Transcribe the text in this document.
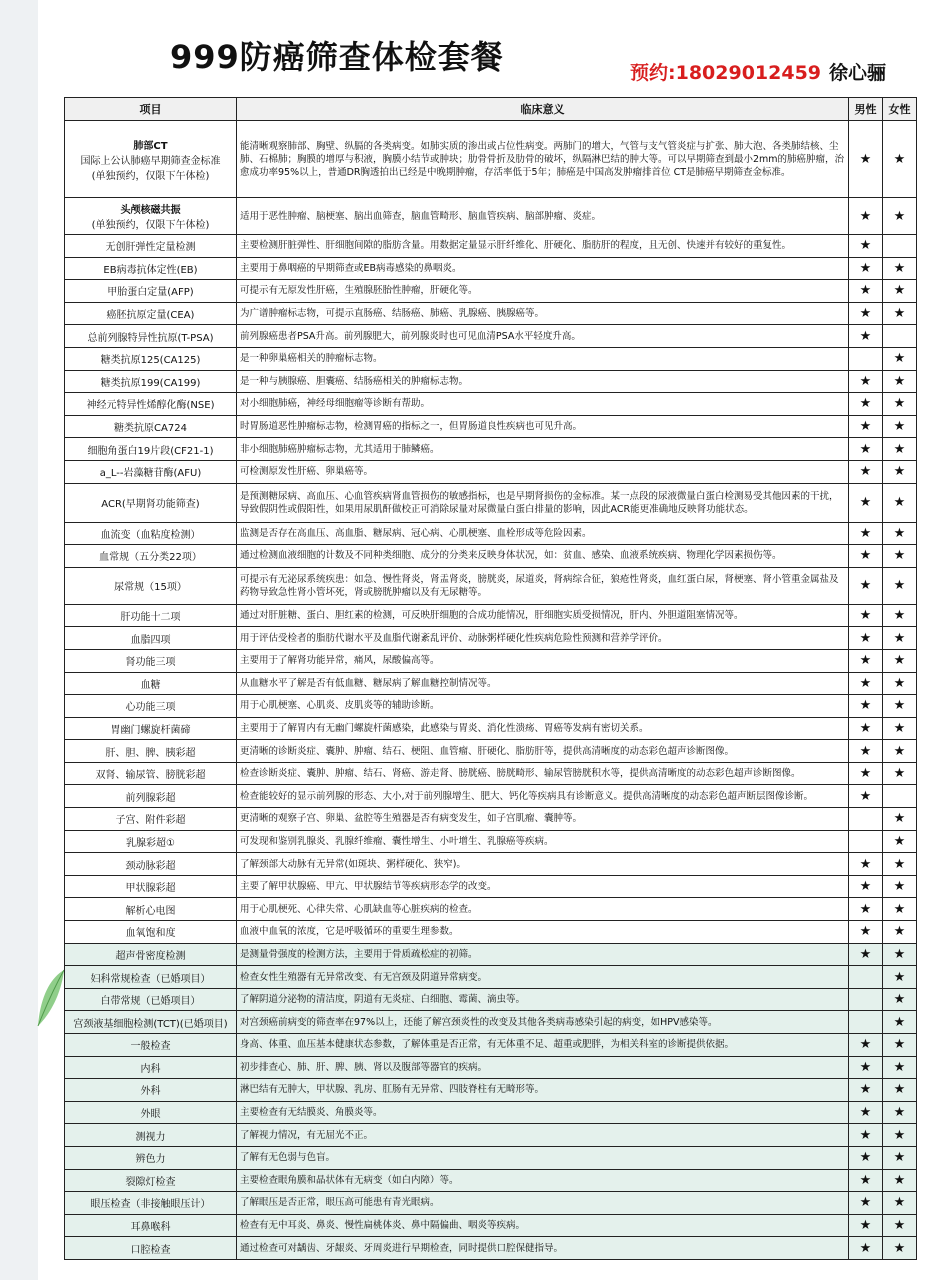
999防癌筛查体检套餐	预约:18029012459 徐心骊
项目	临床意义	男性	女性

肺部CT
国际上公认肺癌早期筛查金标准
(单独预约，仅限下午体检)	能清晰观察肺部、胸壁、纵膈的各类病变。如肺实质的渗出或占位性病变。两肺门的增大，气管与支气管炎症与扩张、肺大泡、各类肺结核、尘肺、石棉肺；胸膜的增厚与积液，胸膜小结节或肿块；肋骨骨折及肋骨的破坏，纵隔淋巴结的肿大等。可以早期筛查到最小2mm的肺癌肿瘤，治愈成功率95%以上，普通DR胸透拍出已经是中晚期肿瘤，存活率低于5年；肺癌是中国高发肿瘤排首位 CT是肺癌早期筛查金标准。	★	★

头颅核磁共振
(单独预约，仅限下午体检)	适用于恶性肿瘤、脑梗塞、脑出血筛查，脑血管畸形、脑血管疾病、脑部肿瘤、炎症。	★	★

无创肝弹性定量检测	主要检测肝脏弹性、肝细胞间隙的脂肪含量。用数据定量显示肝纤维化、肝硬化、脂肪肝的程度，且无创、快速并有较好的重复性。	★	

EB病毒抗体定性(EB)	主要用于鼻咽癌的早期筛查或EB病毒感染的鼻咽炎。	★	★

甲胎蛋白定量(AFP)	可提示有无原发性肝癌，生殖腺胚胎性肿瘤，肝硬化等。	★	★

癌胚抗原定量(CEA)	为广谱肿瘤标志物，可提示直肠癌、结肠癌、肺癌、乳腺癌、胰腺癌等。	★	★

总前列腺特异性抗原(T-PSA)	前列腺癌患者PSA升高。前列腺肥大，前列腺炎时也可见血清PSA水平轻度升高。	★	

糖类抗原125(CA125)	是一种卵巢癌相关的肿瘤标志物。		★

糖类抗原199(CA199)	是一种与胰腺癌、胆囊癌、结肠癌相关的肿瘤标志物。	★	★

神经元特异性烯醇化酶(NSE)	对小细胞肺癌，神经母细胞瘤等诊断有帮助。	★	★

糖类抗原CA724	时胃肠道恶性肿瘤标志物，检测胃癌的指标之一，但胃肠道良性疾病也可见升高。	★	★

细胞角蛋白19片段(CF21-1)	非小细胞肺癌肿瘤标志物，尤其适用于肺鳞癌。	★	★

a_L--岩藻糖苷酶(AFU)	可检测原发性肝癌、卵巢癌等。	★	★

ACR(早期肾功能筛查)	是预测糖尿病、高血压、心血管疾病肾血管损伤的敏感指标，也是早期肾损伤的金标准。某一点段的尿液微量白蛋白检测易受其他因素的干扰，导致假阴性或假阳性，如果用尿肌酐做校正可消除尿量对尿微量白蛋白排量的影响，因此ACR能更准确地反映肾功能状态。	★	★

血流变（血粘度检测）	监测是否存在高血压、高血脂、糖尿病、冠心病、心肌梗塞、血栓形成等危险因素。	★	★

血常规（五分类22项）	通过检测血液细胞的计数及不同种类细胞、成分的分类来反映身体状况，如：贫血、感染、血液系统疾病、物理化学因素损伤等。	★	★

尿常规（15项）	可提示有无泌尿系统疾患：如急、慢性肾炎，肾盂肾炎，膀胱炎，尿道炎，肾病综合征，狼疮性肾炎，血红蛋白尿，肾梗塞、肾小管重金属盐及药物导致急性肾小管坏死，肾或膀胱肿瘤以及有无尿糖等。	★	★

肝功能十二项	通过对肝脏糖、蛋白、胆红素的检测，可反映肝细胞的合成功能情况，肝细胞实质受损情况，肝内、外胆道阻塞情况等。	★	★

血脂四项	用于评估受检者的脂肪代谢水平及血脂代谢紊乱评价、动脉粥样硬化性疾病危险性预测和营养学评价。	★	★

肾功能三项	主要用于了解肾功能异常，痛风，尿酸偏高等。	★	★

血糖	从血糖水平了解是否有低血糖、糖尿病了解血糖控制情况等。	★	★

心功能三项	用于心肌梗塞、心肌炎、皮肌炎等的辅助诊断。	★	★

胃幽门螺旋杆菌碲	主要用于了解胃内有无幽门螺旋杆菌感染，此感染与胃炎、消化性溃疡、胃癌等发病有密切关系。	★	★

肝、胆、脾、胰彩超	更清晰的诊断炎症、囊肿、肿瘤、结石、梗阻、血管瘤、肝硬化、脂肪肝等，提供高清晰度的动态彩色超声诊断图像。	★	★

双肾、输尿管、膀胱彩超	检查诊断炎症、囊肿、肿瘤、结石、肾癌、游走肾、膀胱癌、膀胱畸形、输尿管膀胱积水等，提供高清晰度的动态彩色超声诊断图像。	★	★

前列腺彩超	检查能较好的显示前列腺的形态、大小,对于前列腺增生、肥大、钙化等疾病具有诊断意义。提供高清晰度的动态彩色超声断层图像诊断。	★	

子宫、附件彩超	更清晰的观察子宫、卵巢、盆腔等生殖器是否有病变发生，如子宫肌瘤、囊肿等。		★

乳腺彩超①	可发现和鉴别乳腺炎、乳腺纤维瘤、囊性增生、小叶增生、乳腺癌等疾病。		★

颈动脉彩超	了解颈部大动脉有无异常(如斑块、粥样硬化、狭窄)。	★	★

甲状腺彩超	主要了解甲状腺癌、甲亢、甲状腺结节等疾病形态学的改变。	★	★

解析心电图	用于心肌梗死、心律失常、心肌缺血等心脏疾病的检查。	★	★

血氧饱和度	血液中血氧的浓度，它是呼吸循环的重要生理参数。	★	★

超声骨密度检测	是测量骨强度的检测方法，主要用于骨质疏松症的初筛。	★	★

妇科常规检查（已婚项目）	检查女性生殖器有无异常改变、有无宫颈及阴道异常病变。		★

白带常规（已婚项目）	了解阴道分泌物的清洁度，阴道有无炎症、白细胞、霉菌、滴虫等。		★

宫颈液基细胞检测(TCT)(已婚项目)	对宫颈癌前病变的筛查率在97%以上，还能了解宫颈炎性的改变及其他各类病毒感染引起的病变，如HPV感染等。		★

一般检查	身高、体重、血压基本健康状态参数，了解体重是否正常，有无体重不足、超重或肥胖，为相关科室的诊断提供依据。	★	★

内科	初步排查心、肺、肝、脾、胰、肾以及腹部等器官的疾病。	★	★

外科	淋巴结有无肿大，甲状腺、乳房、肛肠有无异常、四肢脊柱有无畸形等。	★	★

外眼	主要检查有无结膜炎、角膜炎等。	★	★

测视力	了解视力情况，有无屈光不正。	★	★

辨色力	了解有无色弱与色盲。	★	★

裂隙灯检查	主要检查眼角膜和晶状体有无病变（如白内障）等。	★	★

眼压检查（非接触眼压计）	了解眼压是否正常，眼压高可能患有青光眼病。	★	★

耳鼻喉科	检查有无中耳炎、鼻炎、慢性扁桃体炎、鼻中隔偏曲、咽炎等疾病。	★	★

口腔检查	通过检查可对龋齿、牙龈炎、牙周炎进行早期检查，同时提供口腔保健指导。	★	★
